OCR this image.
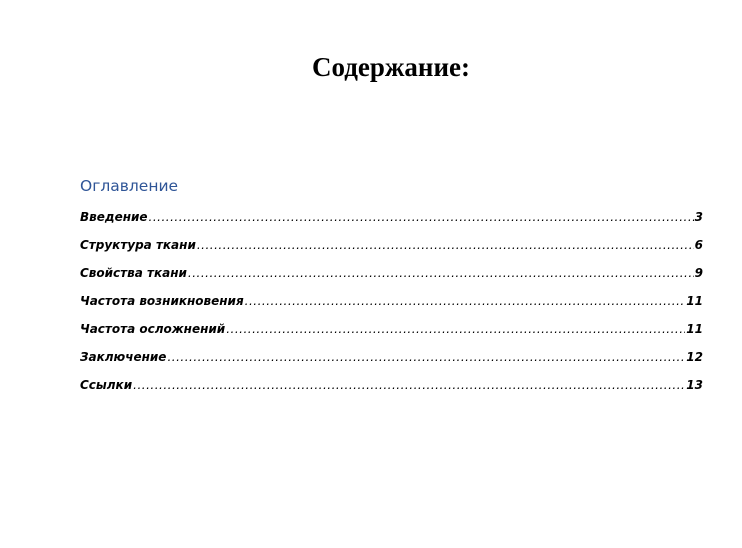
Содержание:
Оглавление
Введение .....	3
Структура ткани .....	6
Свойства ткани .....	9
Частота возникновения .....	11
Частота осложнений .....	11
Заключение .....	12
Ссылки .....	13
